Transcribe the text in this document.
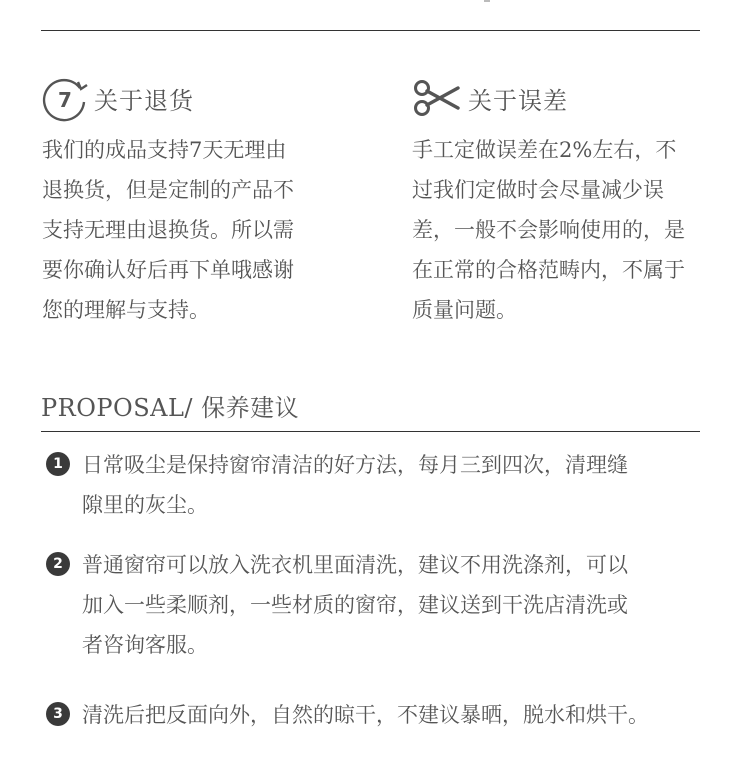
7 关于退货
我们的成品支持7天无理由
退换货，但是定制的产品不
支持无理由退换货。所以需
要你确认好后再下单哦感谢
您的理解与支持。
关于误差
手工定做误差在2%左右，不
过我们定做时会尽量减少误
差，一般不会影响使用的，是
在正常的合格范畴内，不属于
质量问题。
PROPOSAL/ 保养建议
1 日常吸尘是保持窗帘清洁的好方法，每月三到四次，清理缝
隙里的灰尘。
2 普通窗帘可以放入洗衣机里面清洗，建议不用洗涤剂，可以
加入一些柔顺剂，一些材质的窗帘，建议送到干洗店清洗或
者咨询客服。
3 清洗后把反面向外，自然的晾干，不建议暴晒，脱水和烘干。
